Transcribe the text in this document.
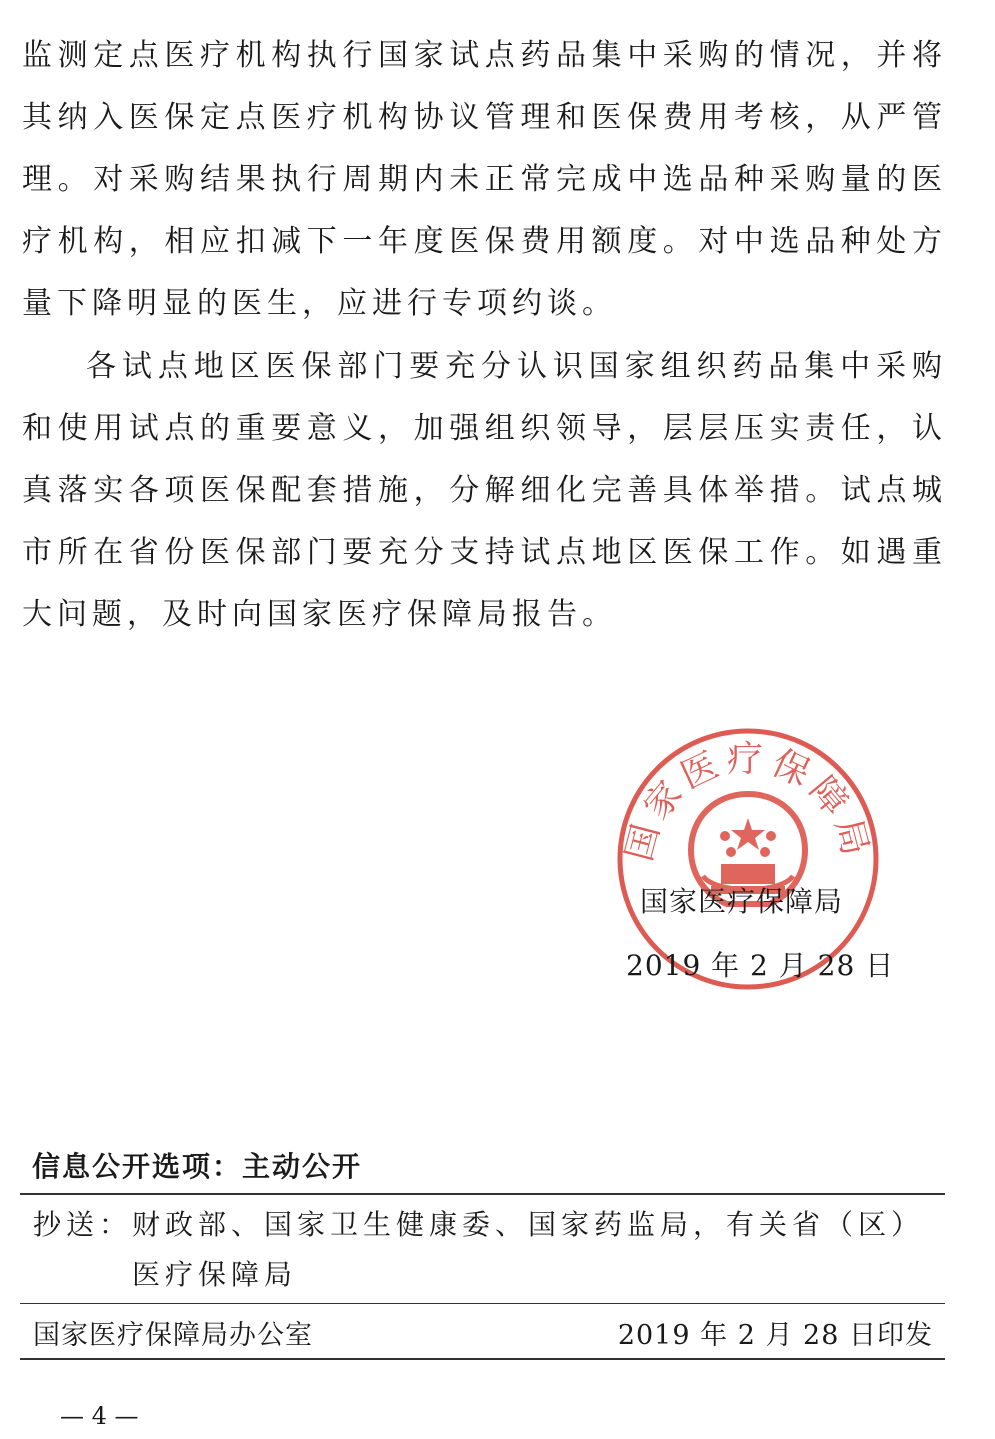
监测定点医疗机构执行国家试点药品集中采购的情况，并将其纳入医保定点医疗机构协议管理和医保费用考核，从严管理。对采购结果执行周期内未正常完成中选品种采购量的医疗机构，相应扣减下一年度医保费用额度。对中选品种处方量下降明显的医生，应进行专项约谈。

各试点地区医保部门要充分认识国家组织药品集中采购和使用试点的重要意义，加强组织领导，层层压实责任，认真落实各项医保配套措施，分解细化完善具体举措。试点城市所在省份医保部门要充分支持试点地区医保工作。如遇重大问题，及时向国家医疗保障局报告。

国家医疗保障局
国家医疗保障局
2019 年 2 月 28 日
信息公开选项：主动公开
抄送： 财政部、国家卫生健康委、国家药监局，有关省（区）
医疗保障局
国家医疗保障局办公室	2019 年 2 月 28 日印发
— 4 —
